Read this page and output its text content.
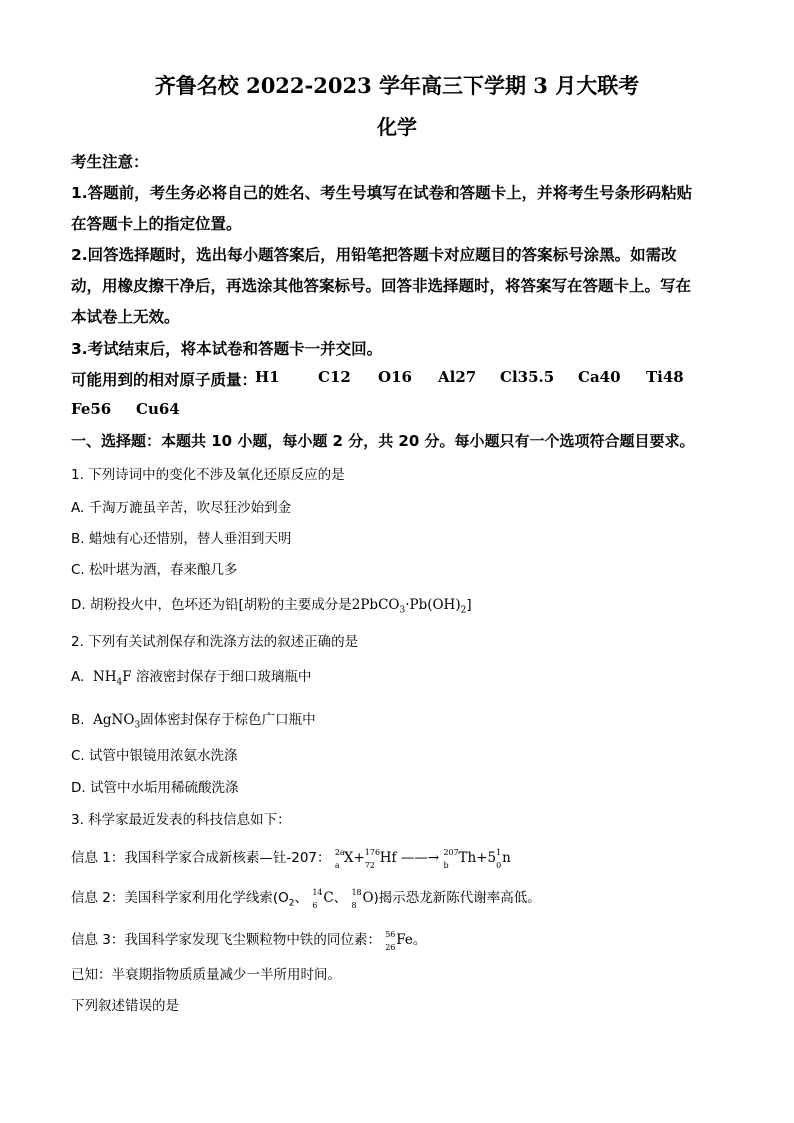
齐鲁名校 2022-2023 学年高三下学期 3 月大联考
化学
考生注意：
1.答题前，考生务必将自己的姓名、考生号填写在试卷和答题卡上，并将考生号条形码粘贴
在答题卡上的指定位置。
2.回答选择题时，选出每小题答案后，用铅笔把答题卡对应题目的答案标号涂黑。如需改
动，用橡皮擦干净后，再选涂其他答案标号。回答非选择题时，将答案写在答题卡上。写在
本试卷上无效。
3.考试结束后，将本试卷和答题卡一并交回。
可能用到的相对原子质量：
H1	C12 O16 Al27 Cl35.5 Ca40 Ti48
Fe56 Cu64
一、选择题：本题共 10 小题，每小题 2 分，共 20 分。每小题只有一个选项符合题目要求。
1. 下列诗词中的变化不涉及氧化还原反应的是
A. 千淘万漉虽辛苦，吹尽狂沙始到金
B. 蜡烛有心还惜别，替人垂泪到天明
C. 松叶堪为酒，春来酿几多
D. 胡粉投火中，色坏还为铅[胡粉的主要成分是$2PbCO_3\cdot Pb(OH)_2$]
2. 下列有关试剂保存和洗涤方法的叙述正确的是
A. $NH_4F$ 溶液密封保存于细口玻璃瓶中
B. AgNO$_3$固体密封保存于棕色广口瓶中
C. 试管中银镜用浓氨水洗涤
D. 试管中水垢用稀硫酸洗涤
3. 科学家最近发表的科技信息如下：
信息 1：我国科学家合成新核素—钍-207： 2a
a X+ 176
72 Hf ——→ 207
b Th+5 1
0 n
信息 2：美国科学家利用化学线索($O_2$、 14
6 C、 18
8 O)揭示恐龙新陈代谢率高低。
信息 3：我国科学家发现飞尘颗粒物中铁的同位素： 56
26 Fe。
已知：半衰期指物质质量减少一半所用时间。
下列叙述错误的是
